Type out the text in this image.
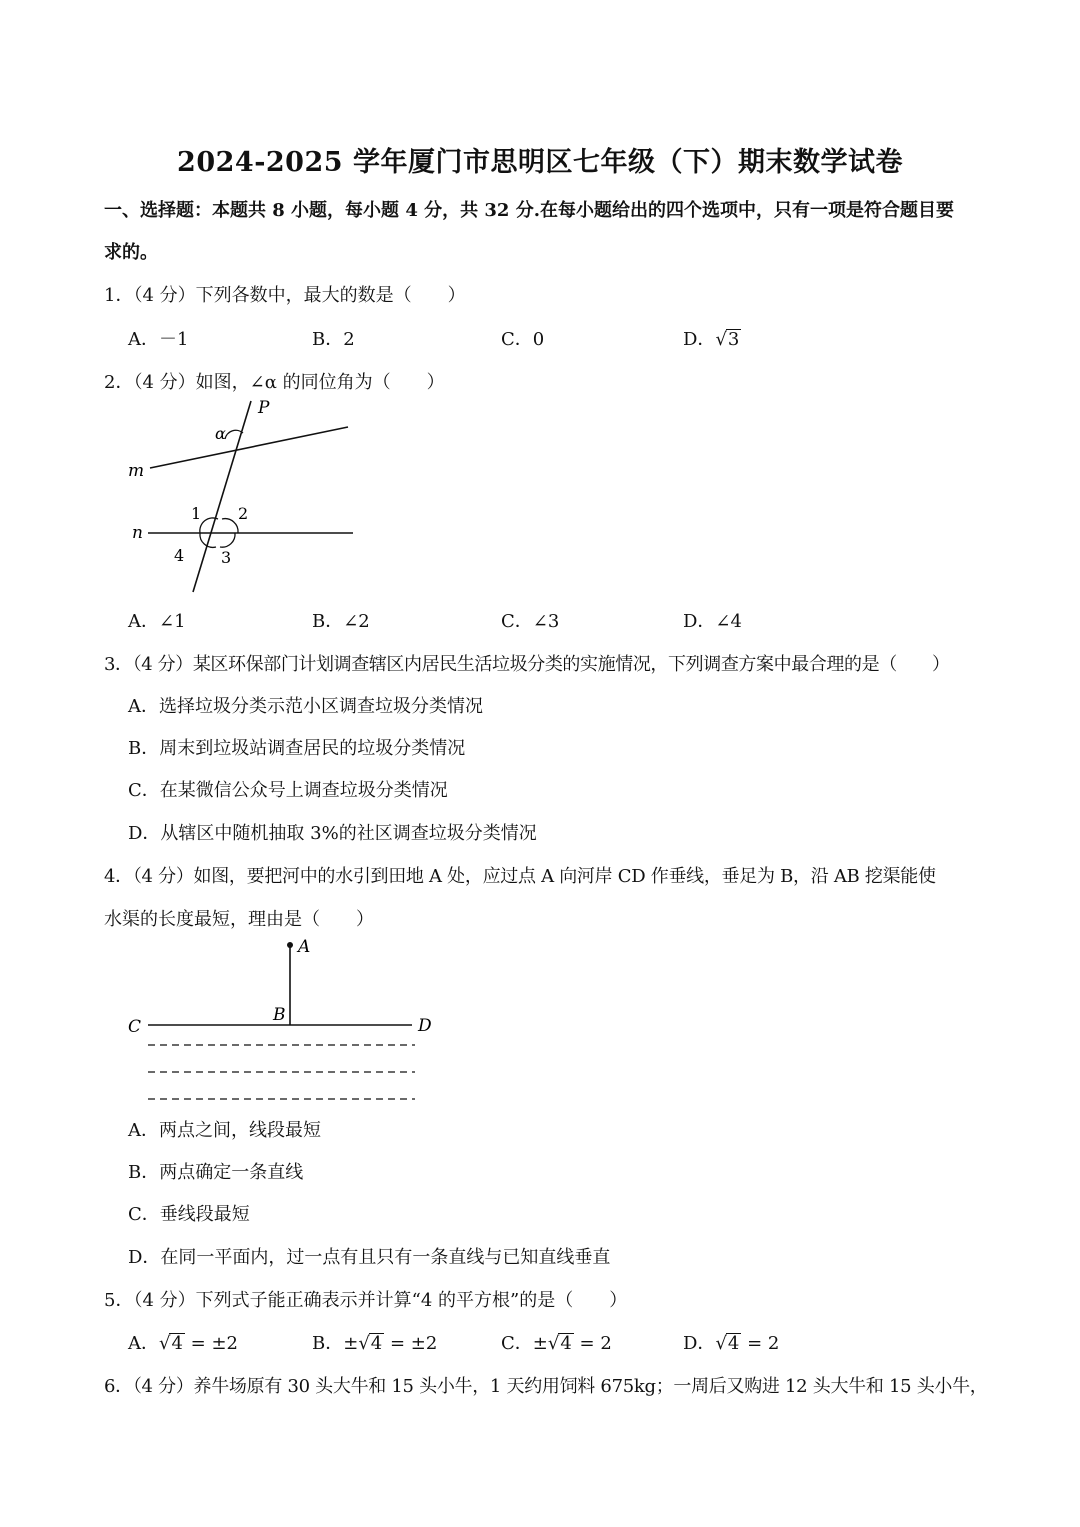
2024-2025 学年厦门市思明区七年级（下）期末数学试卷
一、选择题：本题共 8 小题，每小题 4 分，共 32 分.在每小题给出的四个选项中，只有一项是符合题目要
求的。
1．（4 分）下列各数中，最大的数是（　　）
A．－1	B．2	C．0	D．√3
2．（4 分）如图，∠α 的同位角为（　　）
P
α
m
n
1 2
3
4
A．∠1	B．∠2	C．∠3	D．∠4
3．（4 分）某区环保部门计划调查辖区内居民生活垃圾分类的实施情况，下列调查方案中最合理的是（　　）
A．选择垃圾分类示范小区调查垃圾分类情况
B．周末到垃圾站调查居民的垃圾分类情况
C．在某微信公众号上调查垃圾分类情况
D．从辖区中随机抽取 3%的社区调查垃圾分类情况
4．（4 分）如图，要把河中的水引到田地 A 处，应过点 A 向河岸 CD 作垂线，垂足为 B，沿 AB 挖渠能使
水渠的长度最短，理由是（　　）
A
B
C	D
A．两点之间，线段最短
B．两点确定一条直线
C．垂线段最短
D．在同一平面内，过一点有且只有一条直线与已知直线垂直
5．（4 分）下列式子能正确表示并计算“4 的平方根”的是（　　）
A．√4 = ±2	B．±√4 = ±2	C．±√4 = 2	D．√4 = 2
6．（4 分）养牛场原有 30 头大牛和 15 头小牛，1 天约用饲料 675kg；一周后又购进 12 头大牛和 15 头小牛，
